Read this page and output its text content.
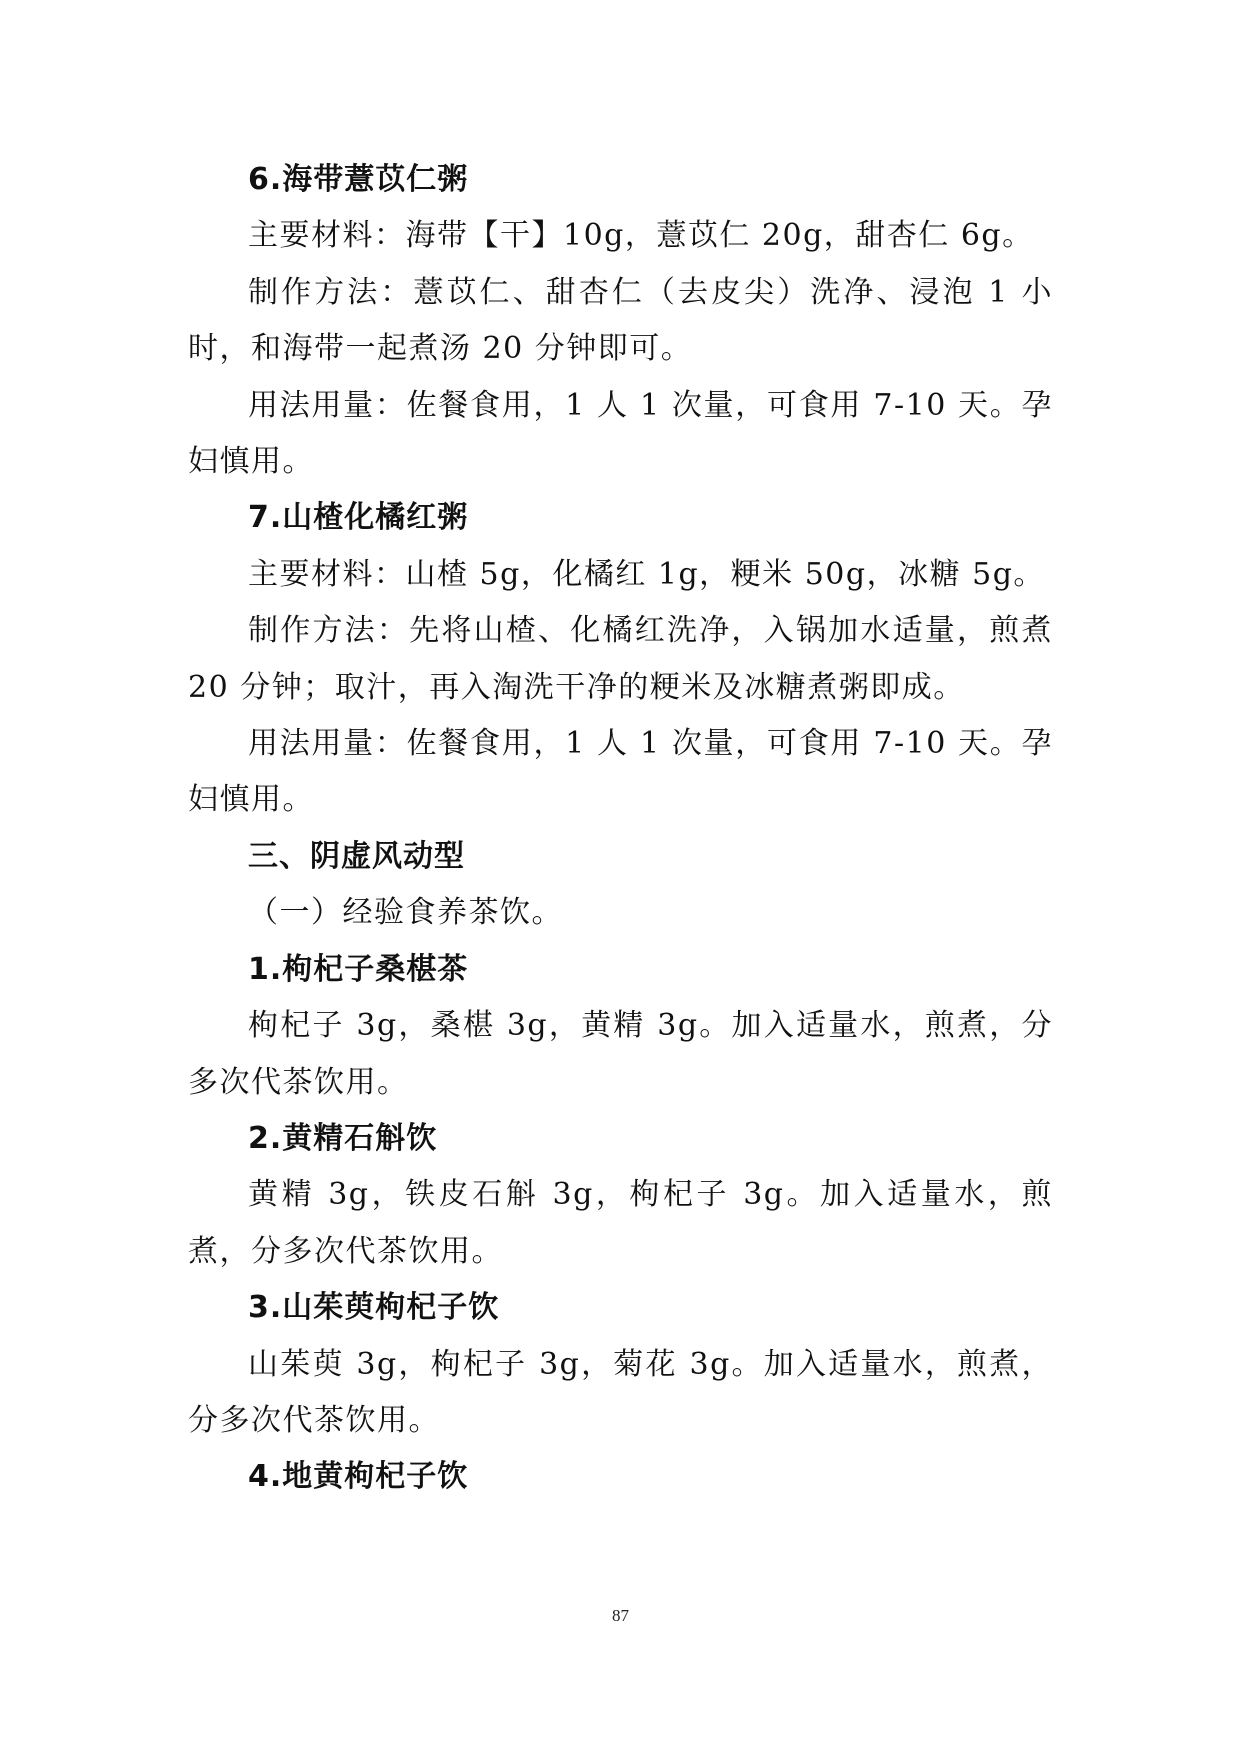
6.海带薏苡仁粥

主要材料：海带【干】10g，薏苡仁 20g，甜杏仁 6g。

制作方法：薏苡仁、甜杏仁（去皮尖）洗净、浸泡 1 小时，和海带一起煮汤 20 分钟即可。

用法用量：佐餐食用，1 人 1 次量，可食用 7-10 天。孕妇慎用。

7.山楂化橘红粥

主要材料：山楂 5g，化橘红 1g，粳米 50g，冰糖 5g。

制作方法：先将山楂、化橘红洗净，入锅加水适量，煎煮 20 分钟；取汁，再入淘洗干净的粳米及冰糖煮粥即成。

用法用量：佐餐食用，1 人 1 次量，可食用 7-10 天。孕妇慎用。

三、阴虚风动型

（一）经验食养茶饮。

1.枸杞子桑椹茶

枸杞子 3g，桑椹 3g，黄精 3g。加入适量水，煎煮，分多次代茶饮用。

2.黄精石斛饮

黄精 3g，铁皮石斛 3g，枸杞子 3g。加入适量水，煎煮，分多次代茶饮用。

3.山茱萸枸杞子饮

山茱萸 3g，枸杞子 3g，菊花 3g。加入适量水，煎煮，分多次代茶饮用。

4.地黄枸杞子饮

87
